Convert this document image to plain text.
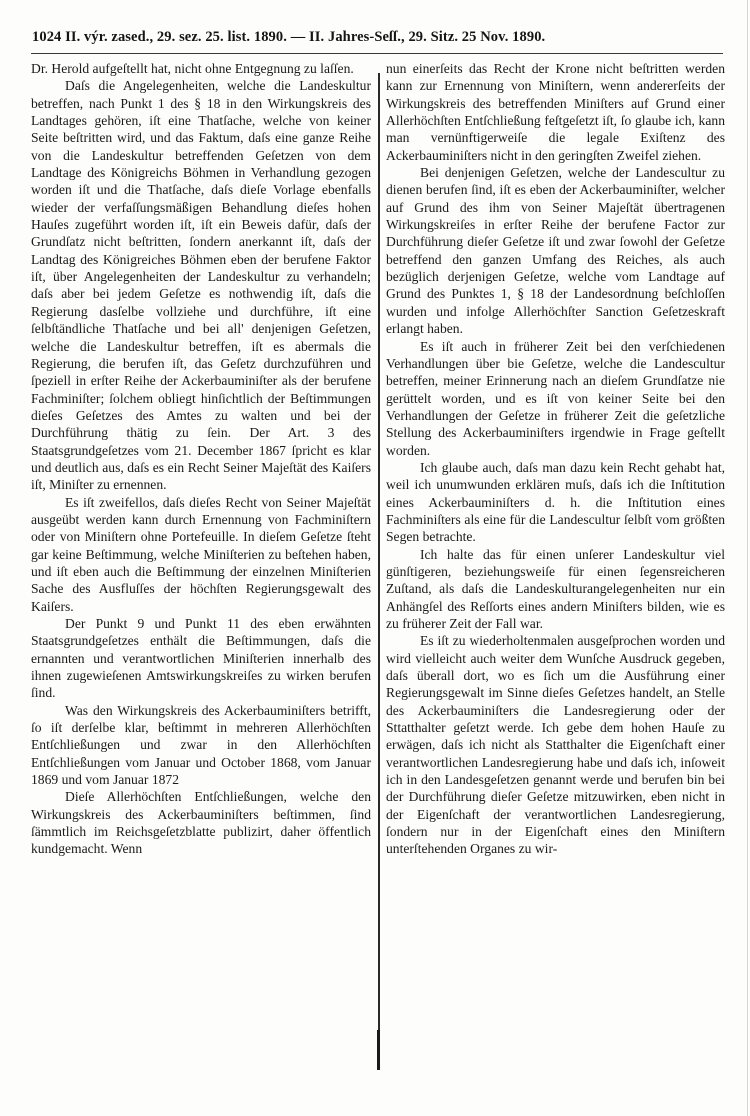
1024 II. výr. zased., 29. sez. 25. list. 1890. — II. Jahres-Seſſ., 29. Sitz. 25 Nov. 1890.

Dr. Herold aufgeſtellt hat, nicht ohne Entgegnung zu laſſen.

Daſs die Angelegenheiten, welche die Landeskultur betreffen, nach Punkt 1 des § 18 in den Wirkungskreis des Landtages gehören, iſt eine Thatſache, welche von keiner Seite beſtritten wird, und das Faktum, daſs eine ganze Reihe von die Landeskultur betreffenden Geſetzen von dem Landtage des Königreichs Böhmen in Verhandlung gezogen worden iſt und die Thatſache, daſs dieſe Vorlage ebenfalls wieder der verfaſſungsmäßigen Behandlung dieſes hohen Hauſes zugeführt worden iſt, iſt ein Beweis dafür, daſs der Grundſatz nicht beſtritten, ſondern anerkannt iſt, daſs der Landtag des Königreiches Böhmen eben der berufene Faktor iſt, über Angelegenheiten der Landeskultur zu verhandeln; daſs aber bei jedem Geſetze es nothwendig iſt, daſs die Regierung dasſelbe vollziehe und durchführe, iſt eine ſelbſtändliche Thatſache und bei all' denjenigen Geſetzen, welche die Landeskultur betreffen, iſt es abermals die Regierung, die berufen iſt, das Geſetz durchzuführen und ſpeziell in erſter Reihe der Ackerbauminiſter als der berufene Fachminiſter; ſolchem obliegt hinſichtlich der Beſtimmungen dieſes Geſetzes des Amtes zu walten und bei der Durchführung thätig zu ſein. Der Art. 3 des Staatsgrundgeſetzes vom 21. December 1867 ſpricht es klar und deutlich aus, daſs es ein Recht Seiner Majeſtät des Kaiſers iſt, Miniſter zu ernennen.

Es iſt zweifellos, daſs dieſes Recht von Seiner Majeſtät ausgeübt werden kann durch Ernennung von Fachminiſtern oder von Miniſtern ohne Portefeuille. In dieſem Geſetze ſteht gar keine Beſtimmung, welche Miniſterien zu beſtehen haben, und iſt eben auch die Beſtimmung der einzelnen Miniſterien Sache des Ausfluſſes der höchſten Regierungsgewalt des Kaiſers.

Der Punkt 9 und Punkt 11 des eben erwähnten Staatsgrundgeſetzes enthält die Beſtimmungen, daſs die ernannten und verantwortlichen Miniſterien innerhalb des ihnen zugewieſenen Amtswirkungskreiſes zu wirken berufen ſind.

Was den Wirkungskreis des Ackerbauminiſters betrifft, ſo iſt derſelbe klar, beſtimmt in mehreren Allerhöchſten Entſchließungen und zwar in den Allerhöchſten Entſchließungen vom Januar und October 1868, vom Januar 1869 und vom Januar 1872

Dieſe Allerhöchſten Entſchließungen, welche den Wirkungskreis des Ackerbauminiſters beſtimmen, ſind ſämmtlich im Reichsgeſetzblatte publizirt, daher öffentlich kundgemacht. Wenn

nun einerſeits das Recht der Krone nicht beſtritten werden kann zur Ernennung von Miniſtern, wenn andererſeits der Wirkungskreis des betreffenden Miniſters auf Grund einer Allerhöchſten Entſchließung feſtgeſetzt iſt, ſo glaube ich, kann man vernünftigerweiſe die legale Exiſtenz des Ackerbauminiſters nicht in den geringſten Zweifel ziehen.

Bei denjenigen Geſetzen, welche der Landescultur zu dienen berufen ſind, iſt es eben der Ackerbauminiſter, welcher auf Grund des ihm von Seiner Majeſtät übertragenen Wirkungskreiſes in erſter Reihe der berufene Factor zur Durchführung dieſer Geſetze iſt und zwar ſowohl der Geſetze betreffend den ganzen Umfang des Reiches, als auch bezüglich derjenigen Geſetze, welche vom Landtage auf Grund des Punktes 1, § 18 der Landesordnung beſchloſſen wurden und infolge Allerhöchſter Sanction Geſetzeskraft erlangt haben.

Es iſt auch in früherer Zeit bei den verſchiedenen Verhandlungen über bie Geſetze, welche die Landescultur betreffen, meiner Erinnerung nach an dieſem Grundſatze nie gerüttelt worden, und es iſt von keiner Seite bei den Verhandlungen der Geſetze in früherer Zeit die geſetzliche Stellung des Ackerbauminiſters irgendwie in Frage geſtellt worden.

Ich glaube auch, daſs man dazu kein Recht gehabt hat, weil ich unumwunden erklären muſs, daſs ich die Inſtitution eines Ackerbauminiſters d. h. die Inſtitution eines Fachminiſters als eine für die Landescultur ſelbſt vom größten Segen betrachte.

Ich halte das für einen unſerer Landeskultur viel günſtigeren, beziehungsweiſe für einen ſegensreicheren Zuſtand, als daſs die Landeskulturangelegenheiten nur ein Anhängſel des Reſſorts eines andern Miniſters bilden, wie es zu früherer Zeit der Fall war.

Es iſt zu wiederholtenmalen ausgeſprochen worden und wird vielleicht auch weiter dem Wunſche Ausdruck gegeben, daſs überall dort, wo es ſich um die Ausführung einer Regierungsgewalt im Sinne dieſes Geſetzes handelt, an Stelle des Ackerbauminiſters die Landesregierung oder der Sttatthalter geſetzt werde. Ich gebe dem hohen Hauſe zu erwägen, daſs ich nicht als Statthalter die Eigenſchaft einer verantwortlichen Landesregierung habe und daſs ich, inſoweit ich in den Landesgeſetzen genannt werde und berufen bin bei der Durchführung dieſer Geſetze mitzuwirken, eben nicht in der Eigenſchaft der verantwortlichen Landesregierung, ſondern nur in der Eigenſchaft eines den Miniſtern unterſtehenden Organes zu wir-
